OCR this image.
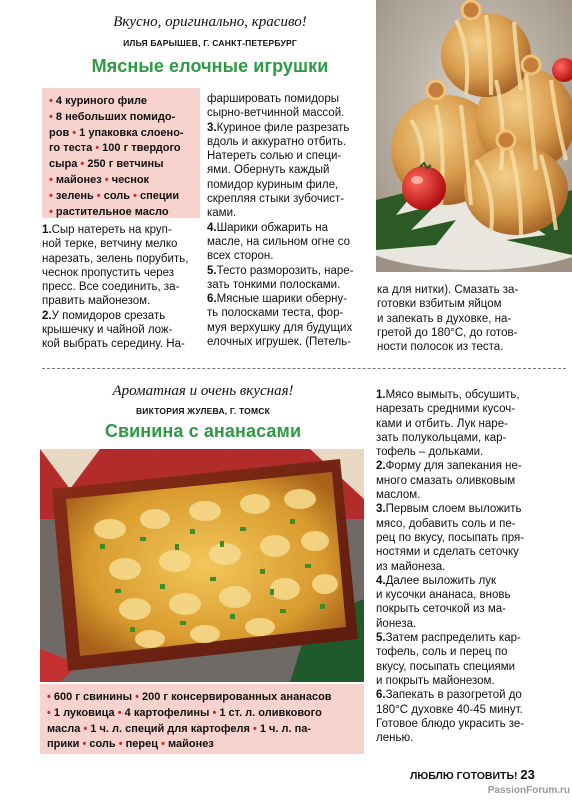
Вкусно, оригинально, красиво!
ИЛЬЯ БАРЫШЕВ, Г. САНКТ-ПЕТЕРБУРГ
Мясные елочные игрушки
• 4 куриного филе
• 8 небольших помидо-
ров • 1 упаковка слоено-
го теста • 100 г твердого
сыра • 250 г ветчины
• майонез • чеснок
• зелень • соль • специи
• растительное масло

1.Сыр натереть на круп-

ной терке, ветчину мелко

нарезать, зелень порубить,

чеснок пропустить через

пресс. Все соединить, за-

править майонезом.

2.У помидоров срезать

крышечку и чайной лож-

кой выбрать середину. На-

фаршировать помидоры

сырно-ветчинной массой.

3.Куриное филе разрезать

вдоль и аккуратно отбить.

Натереть солью и специ-

ями. Обернуть каждый

помидор куриным филе,

скрепляя стыки зубочист-

ками.

4.Шарики обжарить на

масле, на сильном огне со

всех сторон.

5.Тесто разморозить, наре-

зать тонкими полосками.

6.Мясные шарики оберну-

ть полосками теста, фор-

муя верхушку для будущих

елочных игрушек. (Петель-

ка для нитки). Смазать за-

готовки взбитым яйцом

и запекать в духовке, на-

гретой до 180°С, до готов-

ности полосок из теста.

Ароматная и очень вкусная!
ВИКТОРИЯ ЖУЛЕВА, Г. ТОМСК
Свинина с ананасами
• 600 г свинины • 200 г консервированных ананасов
• 1 луковица • 4 картофелины • 1 ст. л. оливкового
масла • 1 ч. л. специй для картофеля • 1 ч. л. па-
прики • соль • перец • майонез

1.Мясо вымыть, обсушить,

нарезать средними кусоч-

ками и отбить. Лук наре-

зать полукольцами, кар-

тофель – дольками.

2.Форму для запекания не-

много смазать оливковым

маслом.

3.Первым слоем выложить

мясо, добавить соль и пе-

рец по вкусу, посыпать пря-

ностями и сделать сеточку

из майонеза.

4.Далее выложить лук

и кусочки ананаса, вновь

покрыть сеточкой из ма-

йонеза.

5.Затем распределить кар-

тофель, соль и перец по

вкусу, посыпать специями

и покрыть майонезом.

6.Запекать в разогретой до

180°С духовке 40-45 минут.

Готовое блюдо украсить зе-

ленью.

ЛЮБЛЮ ГОТОВИТЬ! 23
PassionForum.ru
